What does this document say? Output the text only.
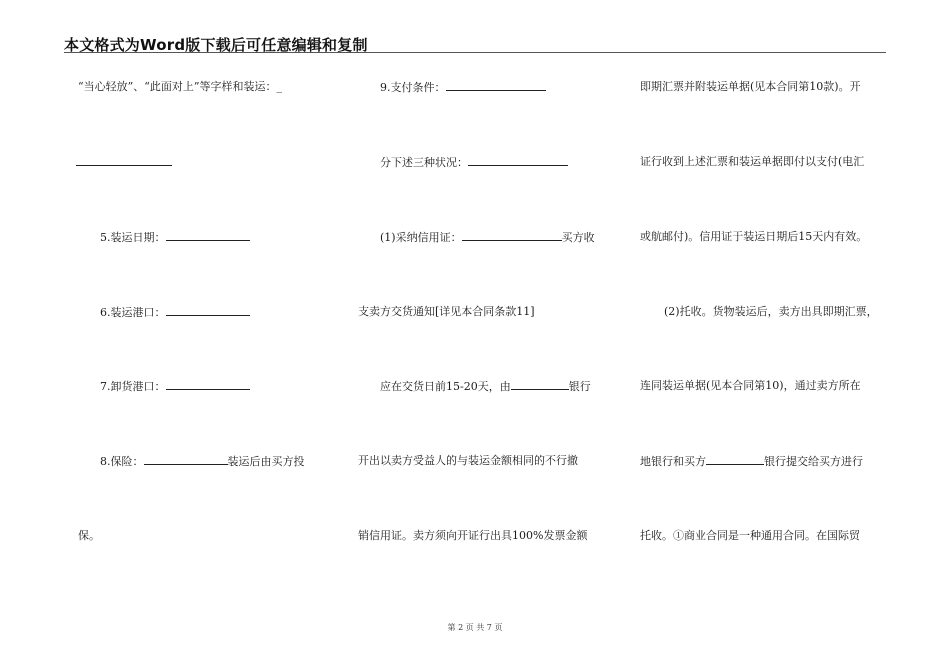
本文格式为Word版下载后可任意编辑和复制
“当心轻放”、“此面对上”等字样和装运：_
5.装运日期：
6.装运港口：
7.卸货港口：
8.保险：	装运后由买方投
保。
9.支付条件：
分下述三种状况：
(1)采纳信用证：	买方收
支卖方交货通知[详见本合同条款11]
应在交货日前15-20天，由	银行
开出以卖方受益人的与装运金额相同的不行撤
销信用证。卖方须向开证行出具100%发票金额
即期汇票并附装运单据(见本合同第10款)。开
证行收到上述汇票和装运单据即付以支付(电汇
或航邮付)。信用证于装运日期后15天内有效。
(2)托收。货物装运后，卖方出具即期汇票，
连同装运单据(见本合同第10)，通过卖方所在
地银行和买方	银行提交给买方进行
托收。①商业合同是一种通用合同。在国际贸
第 2 页 共 7 页
